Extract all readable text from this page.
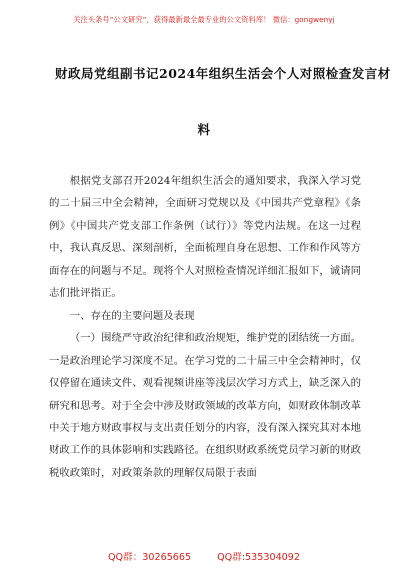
关注头条号“公文研究”，获得最新最全最专业的公文资料库！ 微信：gongwenyj
财政局党组副书记2024年组织生活会个人对照检查发言材
料

根据党支部召开2024年组织生活会的通知要求，我深入学习党的二十届三中全会精神，全面研习党规以及《中国共产党章程》《条例》《中国共产党支部工作条例（试行）》等党内法规。在这一过程中，我认真反思、深刻剖析，全面梳理自身在思想、工作和作风等方面存在的问题与不足。现将个人对照检查情况详细汇报如下，诚请同志们批评指正。

一、存在的主要问题及表现

（一）围绕严守政治纪律和政治规矩，维护党的团结统一方面。一是政治理论学习深度不足。在学习党的二十届三中全会精神时，仅仅停留在通读文件、观看视频讲座等浅层次学习方式上，缺乏深入的研究和思考。对于全会中涉及财政领域的改革方向，如财政体制改革中关于地方财政事权与支出责任划分的内容，没有深入探究其对本地财政工作的具体影响和实践路径。在组织财政系统党员学习新的财政税收政策时，对政策条款的理解仅局限于表面

QQ群：30265665	QQ群:535304092
